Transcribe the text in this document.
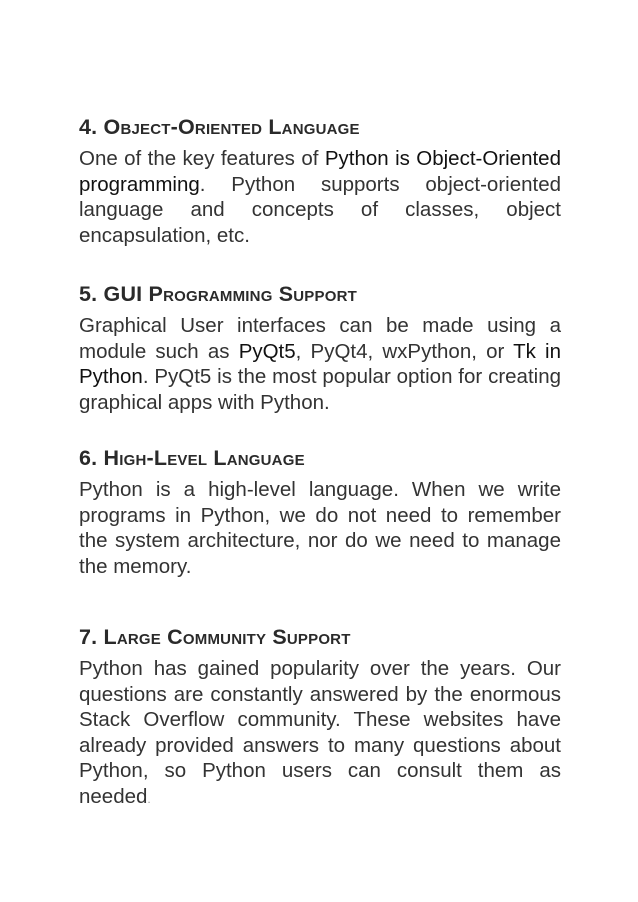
4. Object-Oriented Language

One of the key features of Python is Object-Oriented programming. Python supports object-oriented language and concepts of classes, object encapsulation, etc.

5. GUI Programming Support

Graphical User interfaces can be made using a module such as PyQt5, PyQt4, wxPython, or Tk in Python. PyQt5 is the most popular option for creating graphical apps with Python.

6. High-Level Language

Python is a high-level language. When we write programs in Python, we do not need to remember the system architecture, nor do we need to manage the memory.

7. Large Community Support

Python has gained popularity over the years. Our questions are constantly answered by the enormous Stack Overflow community. These websites have already provided answers to many questions about Python, so Python users can consult them as needed.
